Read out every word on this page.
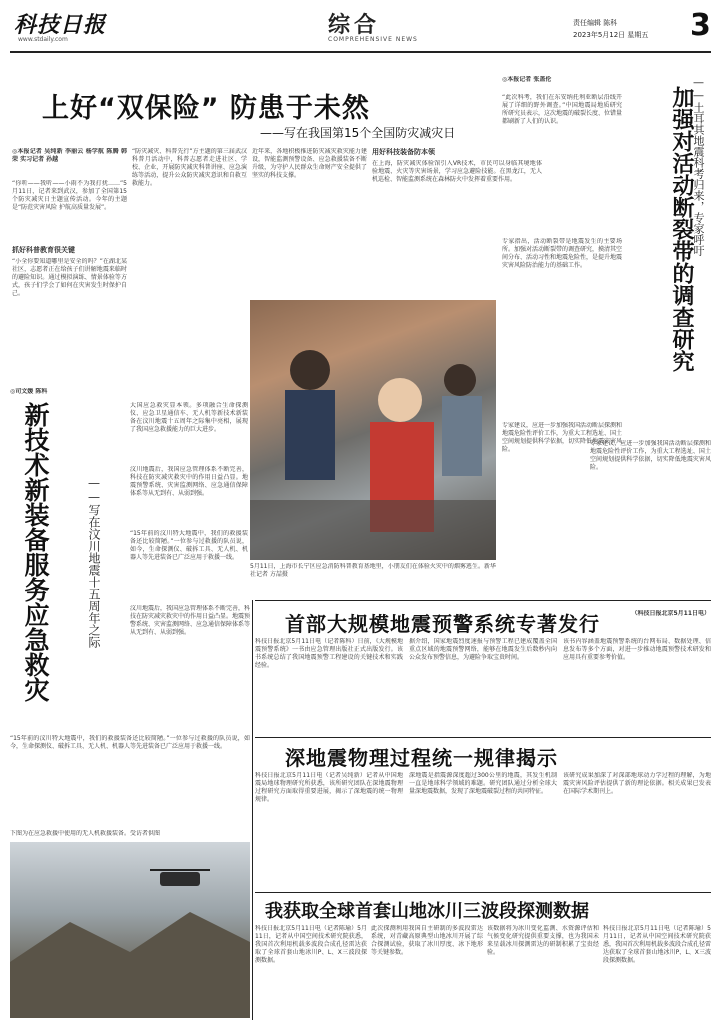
科技日报
www.stdaily.com
综合
COMPREHENSIVE NEWS
责任编辑 陈科
2023年5月12日 星期五 3
上好“双保险” 防患于未然
——写在我国第15个全国防灾减灾日
◎本报记者 吴纯新 李丽云 杨学航 陈腾 韩荣 实习记者 孙越
“你听——我听——小雨不为我打扰……”5月11日，记者来到武汉，参加了全国第15个防灾减灾日主题宣传活动。今年的主题是“防范灾害风险 护航高质量发展”。
抓好科普教育很关键
“小全你要知道哪里是安全的吗？”在湖北某社区，志愿者正在给孩子们讲解地震来临时的避险知识。通过模拟演练、情景体验等方式，孩子们学会了如何在灾害发生时保护自己。
“防灾减灾、科普先行”方主题的第三届武汉科普月活动中，科普志愿者走进社区、学校、企业，开展防灾减灾科普讲座、应急演练等活动，提升公众防灾减灾意识和自救互救能力。
近年来，各地积极推进防灾减灾救灾能力建设，智能监测预警设备、应急救援装备不断升级，为守护人民群众生命财产安全提供了坚实的科技支撑。
用好科技装备防本领
在上海，防灾减灾体验馆引入VR技术，市民可以身临其境地体验地震、火灾等灾害场景，学习应急避险技能。在黑龙江，无人机巡检、智能监测系统在森林防火中发挥着重要作用。
5月11日，上海市长宁区应急消防科普教育基地里，小朋友们在体验火灾中的烟雾逃生。新华社记者 方喆摄
◎司文媛 陈科
新技术新装备服务应急救灾	——写在汶川地震十五周年之际
大国应急救灾显本领。多项融合生命探测仪、应急卫星通信车、无人机等新技术新装备在汶川地震十五周年之际集中亮相，展现了我国应急救援能力的巨大进步。
汶川地震后，我国应急管理体系不断完善，科技在防灾减灾救灾中的作用日益凸显。地震预警系统、灾害监测网络、应急通信保障体系等从无到有、从弱到强。
“15年前的汶川特大地震中，我们的救援装备还比较简陋。”一位参与过救援的队员说，如今，生命探测仪、破拆工具、无人机、机器人等先进装备已广泛应用于救援一线。
汶川地震后，我国应急管理体系不断完善，科技在防灾减灾救灾中的作用日益凸显。地震预警系统、灾害监测网络、应急通信保障体系等从无到有、从弱到强。
“15年前的汶川特大地震中，我们的救援装备还比较简陋。”一位参与过救援的队员说，如今，生命探测仪、破拆工具、无人机、机器人等先进装备已广泛应用于救援一线。
下图为在应急救援中使用的无人机救援装备。受访者供图
加强对活动断裂带的调查研究
——土耳其地震科考归来，专家呼吁
◎本报记者 张盖伦
“此次科考，我们在东安纳托利亚断层沿线开展了详细的野外调查。”中国地震局地质研究所研究员表示，这次地震的破裂长度、位错量都刷新了人们的认识。
专家指出，活动断裂带是地震发生的主要场所。加强对活动断裂带的调查研究，摸清其空间分布、活动习性和地震危险性，是提升地震灾害风险防治能力的基础工作。
专家建议，应进一步加强我国活动断层探测和地震危险性评价工作，为重大工程选址、国土空间规划提供科学依据，切实降低地震灾害风险。
（科技日报北京5月11日电）
专家建议，应进一步加强我国活动断层探测和地震危险性评价工作，为重大工程选址、国土空间规划提供科学依据，切实降低地震灾害风险。
首部大规模地震预警系统专著发行
科技日报北京5月11日电（记者陈科）日前，《大规模地震预警系统》一书由应急管理出版社正式出版发行。该书系统总结了我国地震预警工程建设的关键技术和实践经验。
据介绍，国家地震烈度速报与预警工程已建成覆盖全国重点区域的地震预警网络，能够在地震发生后数秒内向公众发布预警信息，为避险争取宝贵时间。
该书内容涵盖地震预警系统的台网布局、数据处理、信息发布等多个方面，对进一步推动地震预警技术研发和应用具有重要参考价值。
深地震物理过程统一规律揭示
科技日报北京5月11日电（记者吴纯新）记者从中国地震局地球物理研究所获悉，该所研究团队在深地震物理过程研究方面取得重要进展，揭示了深地震的统一物理规律。
深地震是指震源深度超过300公里的地震，其发生机制一直是地球科学领域的难题。研究团队通过分析全球大量深地震数据，发现了深地震破裂过程的共同特征。
该研究成果加深了对深部地球动力学过程的理解，为地震灾害风险评估提供了新的理论依据。相关成果已发表在国际学术期刊上。
我获取全球首套山地冰川三波段探测数据
科技日报北京5月11日电（记者陈瑜）5月11日，记者从中国空间技术研究院获悉，我国首次利用机载多波段合成孔径雷达获取了全球首套山地冰川P、L、X三波段探测数据。
此次探测利用我国自主研制的多波段雷达系统，对青藏高原典型山地冰川开展了综合探测试验，获取了冰川厚度、冰下地形等关键参数。
该数据将为冰川变化监测、水资源评估和气候变化研究提供重要支撑，也为我国未来星载冰川探测雷达的研制积累了宝贵经验。
科技日报北京5月11日电（记者陈瑜）5月11日，记者从中国空间技术研究院获悉，我国首次利用机载多波段合成孔径雷达获取了全球首套山地冰川P、L、X三波段探测数据。
